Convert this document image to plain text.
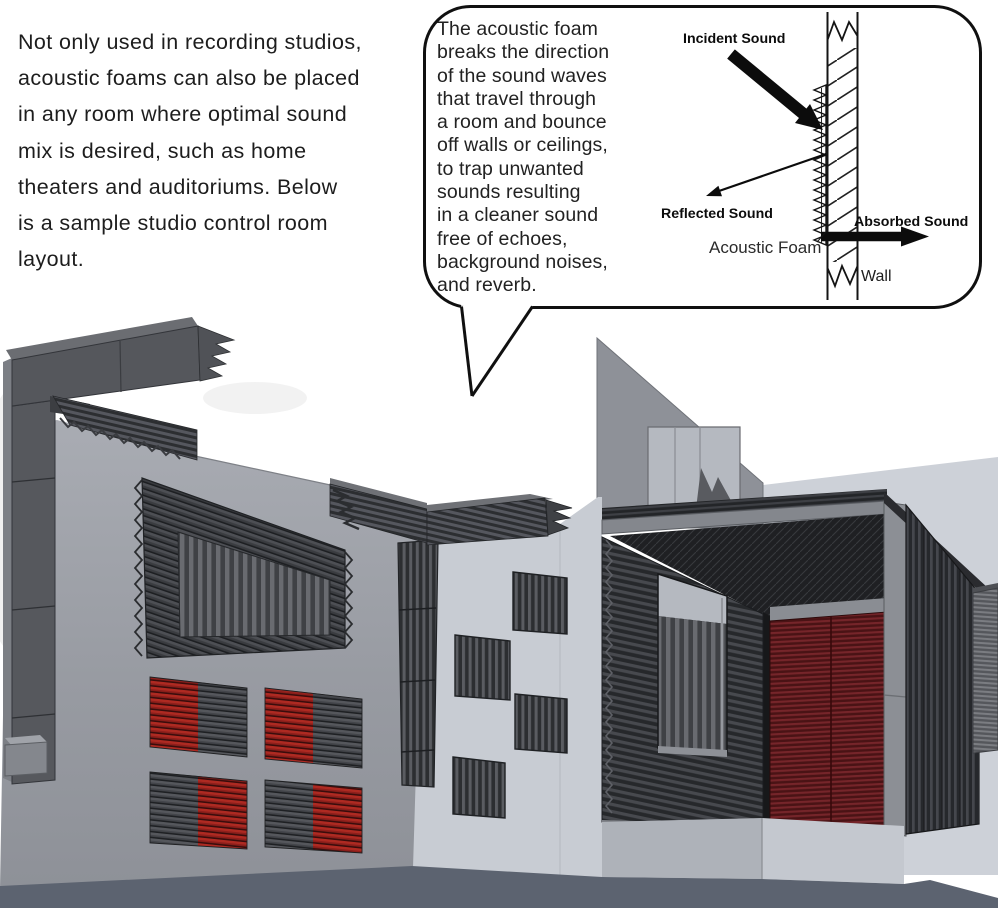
Incident Sound
Reflected Sound	Absorbed Sound
Acoustic Foam
Wall
Not only used in recording studios,
acoustic foams can also be placed
in any room where optimal sound
mix is desired, such as home
theaters and auditoriums. Below
is a sample studio control room
layout.
The acoustic foam
breaks the direction
of the sound waves
that travel through
a room and bounce
off walls or ceilings,
to trap unwanted
sounds resulting
in a cleaner sound
free of echoes,
background noises,
and reverb.
